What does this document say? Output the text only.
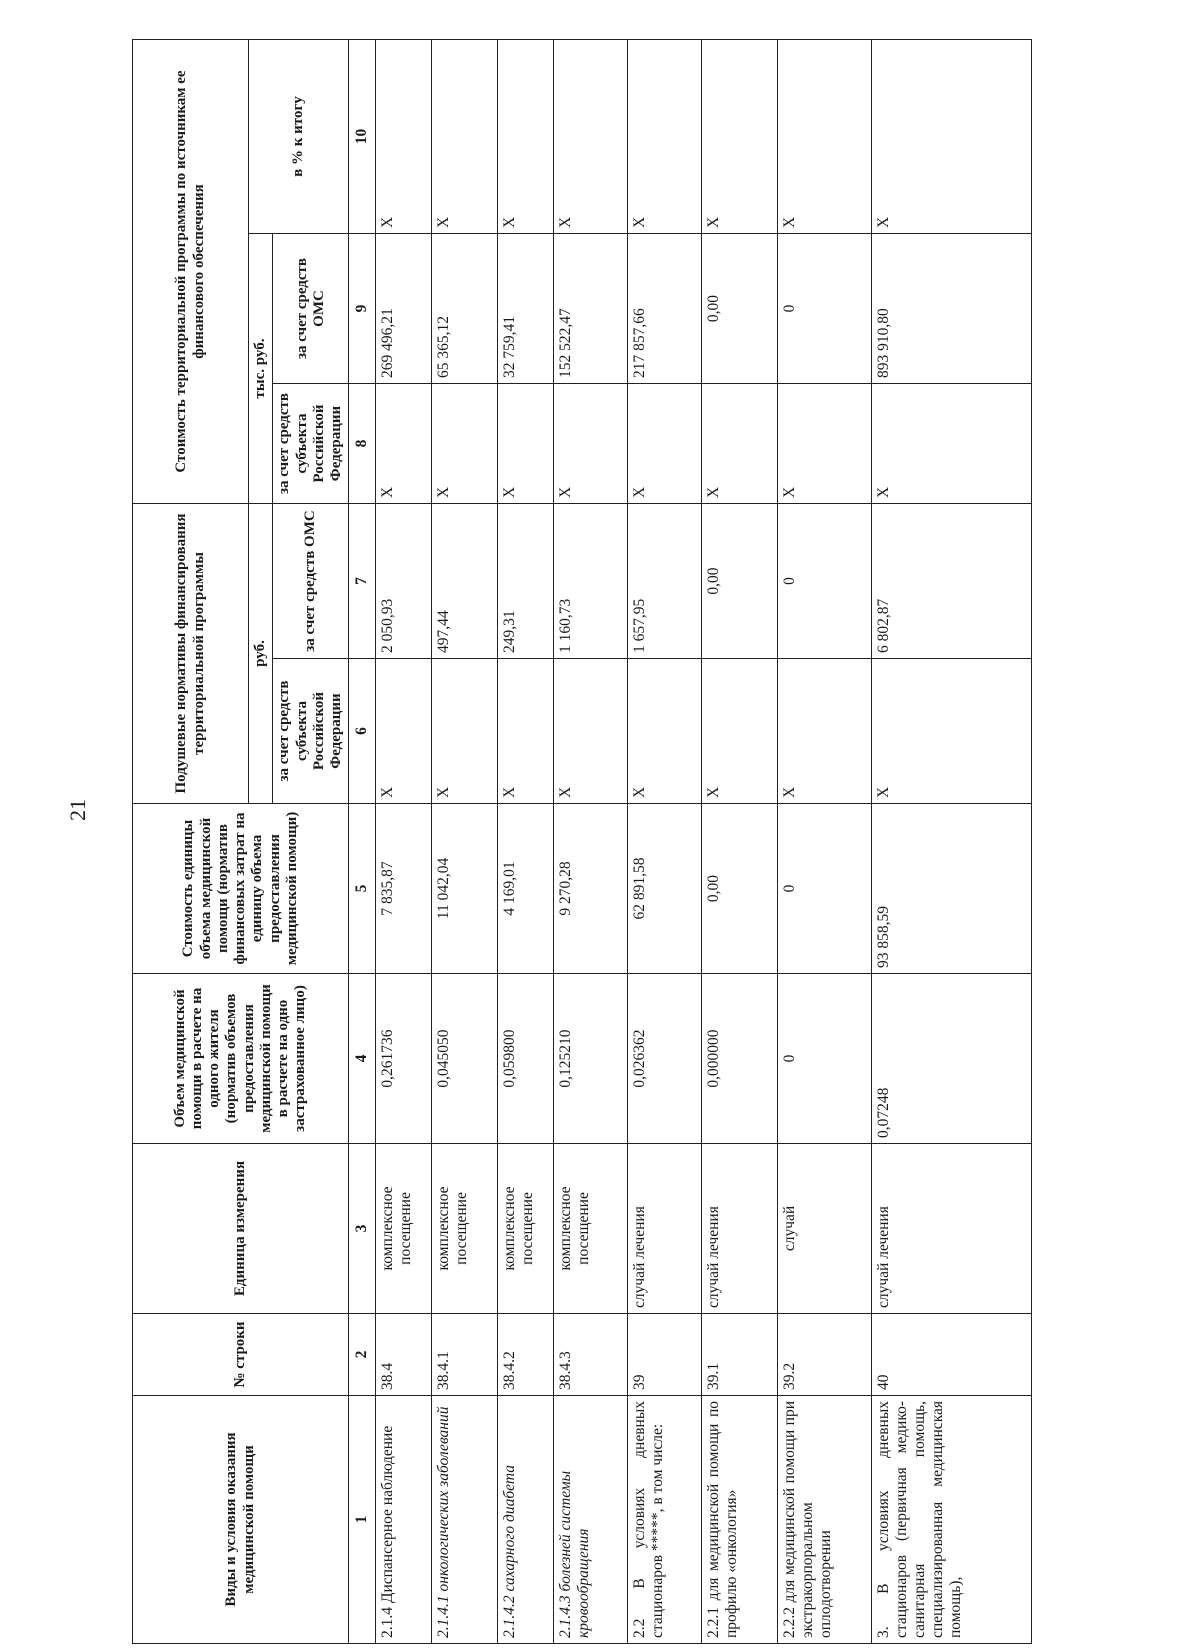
21
Виды и условия оказания медицинской помощи	№ строки	Единица измерения	Объем медицинской помощи в расчете на одного жителя (норматив объемов предоставления медицинской помощи в расчете на одно застрахованное лицо)	Стоимость единицы объема медицинской помощи (норматив финансовых затрат на единицу объема предоставления медицинской помощи)	Подушевые нормативы финансирования территориальной программы		Стоимость территориальной программы по источникам ее финансового обеспечения		
					руб.		тыс. руб.		в % к итогу
					за счет средств субъекта Российской Федерации	за счет средств ОМС	за счет средств субъекта Российской Федерации	за счет средств ОМС	
1	2	3	4	5	6	7	8	9	10
2.1.4 Диспансерное наблюдение	38.4	комплексное посещение	0,261736	7 835,87	X	2 050,93	X	269 496,21	X
2.1.4.1 онкологических заболеваний	38.4.1	комплексное посещение	0,045050	11 042,04	X	497,44	X	65 365,12	X
2.1.4.2 сахарного диабета	38.4.2	комплексное посещение	0,059800	4 169,01	X	249,31	X	32 759,41	X
2.1.4.3 болезней системы кровообращения	38.4.3	комплексное посещение	0,125210	9 270,28	X	1 160,73	X	152 522,47	X
2.2 В условиях дневных стационаров *****, в том числе:	39	случай лечения	0,026362	62 891,58	X	1 657,95	X	217 857,66	X
2.2.1 для медицинской помощи по профилю «онкология»	39.1	случай лечения	0,000000	0,00	X	0,00	X	0,00	X
2.2.2 для медицинской помощи при экстракорпоральном оплодотворении	39.2	случай	0	0	X	0	X	0	X
3. В условиях дневных стационаров (первичная медико-санитарная помощь, специализированная медицинская помощь),	40	случай лечения	0,07248	93 858,59	X	6 802,87	X	893 910,80	X
